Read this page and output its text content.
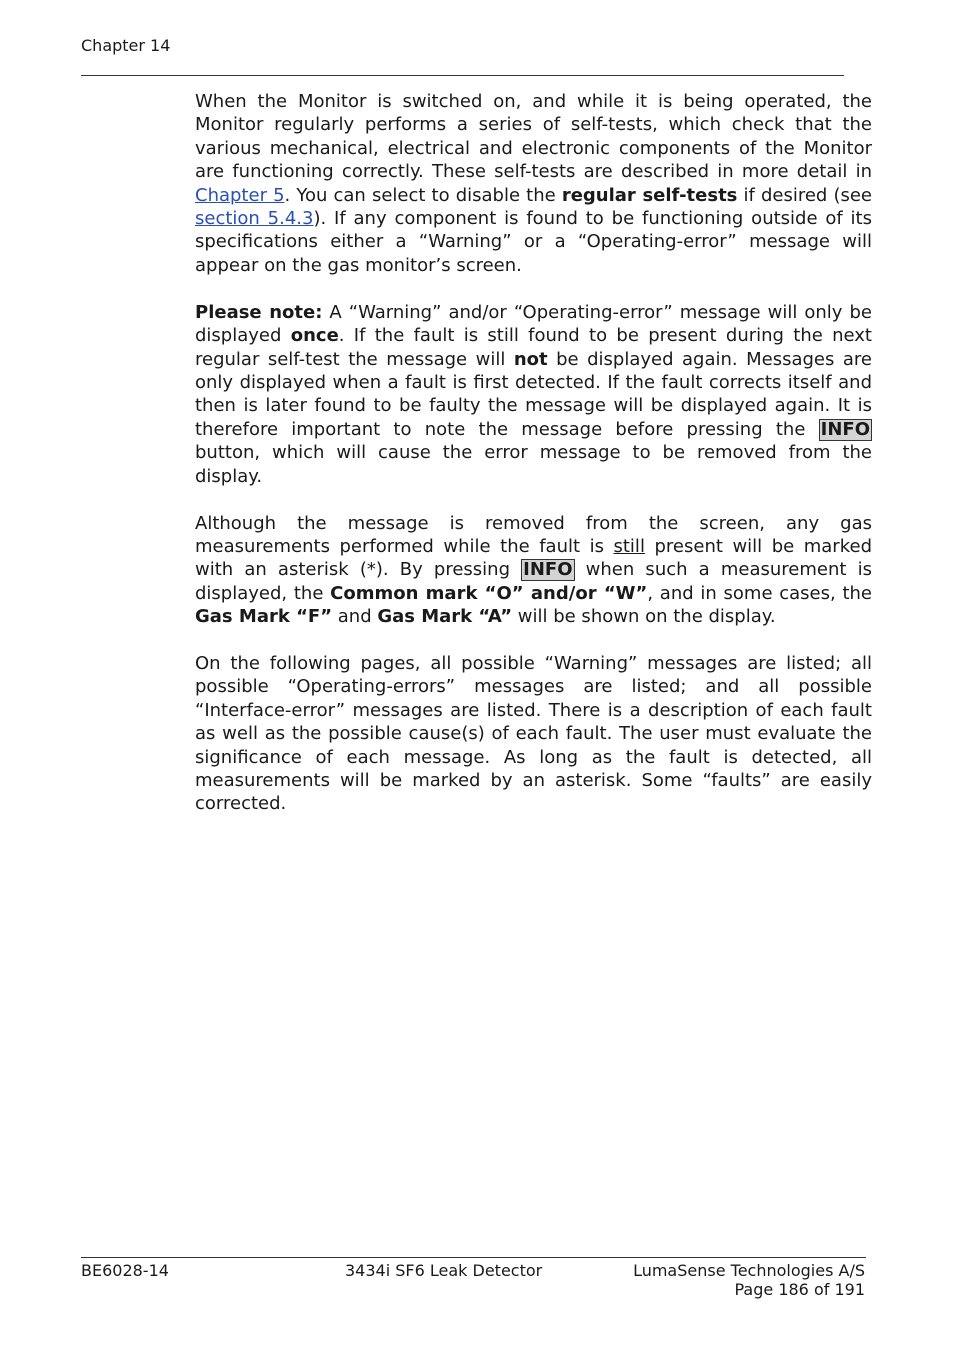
Chapter 14

When the Monitor is switched on, and while it is being operated, the Monitor regularly performs a series of self-tests, which check that the various mechanical, electrical and electronic components of the Monitor are functioning correctly. These self-tests are described in more detail in Chapter 5. You can select to disable the regular self-tests if desired (see section 5.4.3). If any component is found to be functioning outside of its specifications either a “Warning” or a “Operating-error” message will appear on the gas monitor’s screen.

Please note: A “Warning” and/or “Operating-error” message will only be displayed once. If the fault is still found to be present during the next regular self-test the message will not be displayed again. Messages are only displayed when a fault is first detected. If the fault corrects itself and then is later found to be faulty the message will be displayed again. It is therefore important to note the message before pressing the INFO button, which will cause the error message to be removed from the display.

Although the message is removed from the screen, any gas measurements performed while the fault is still present will be marked with an asterisk (*). By pressing INFO when such a measurement is displayed, the Common mark “O” and/or “W”, and in some cases, the Gas Mark “F” and Gas Mark “A” will be shown on the display.

On the following pages, all possible “Warning” messages are listed; all possible “Operating-errors” messages are listed; and all possible “Interface-error” messages are listed. There is a description of each fault as well as the possible cause(s) of each fault. The user must evaluate the significance of each message. As long as the fault is detected, all measurements will be marked by an asterisk. Some “faults” are easily corrected.

BE6028-14	3434i SF6 Leak Detector	LumaSense Technologies A/S
Page 186 of 191
